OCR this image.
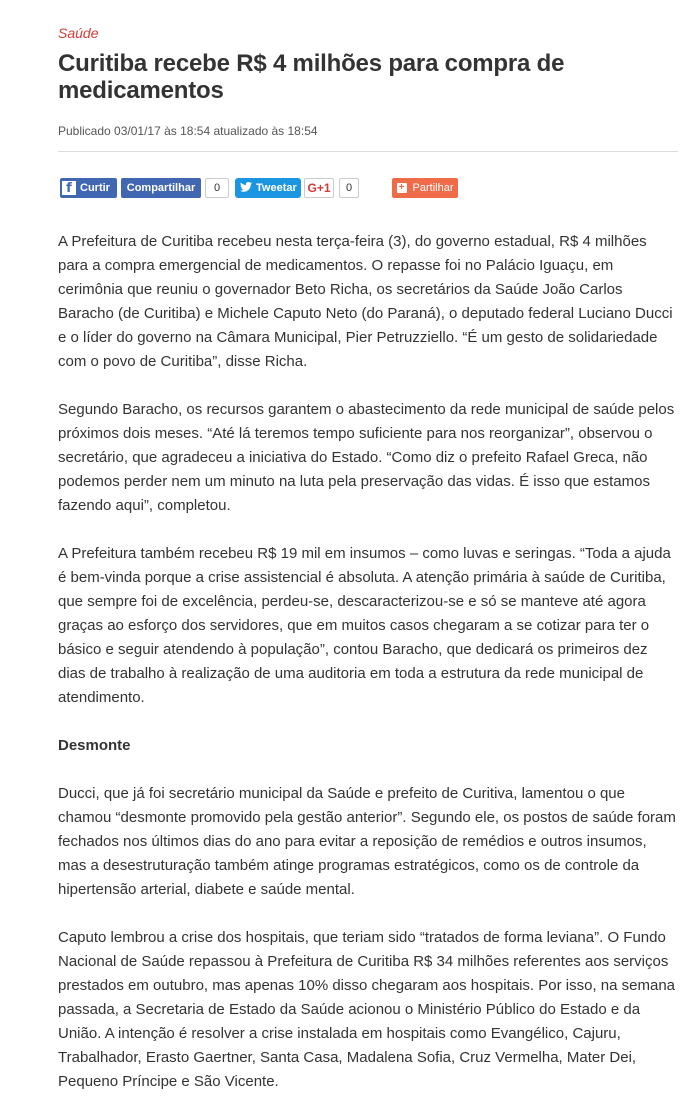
Saúde
Curitiba recebe R$ 4 milhões para compra de medicamentos
Publicado 03/01/17 às 18:54 atualizado às 18:54
f Curtir	Compartilhar	0	Tweetar G+1	0	+ Partilhar

A Prefeitura de Curitiba recebeu nesta terça-feira (3), do governo estadual, R$ 4 milhões para a compra emergencial de medicamentos. O repasse foi no Palácio Iguaçu, em cerimônia que reuniu o governador Beto Richa, os secretários da Saúde João Carlos Baracho (de Curitiba) e Michele Caputo Neto (do Paraná), o deputado federal Luciano Ducci e o líder do governo na Câmara Municipal, Pier Petruzziello. “É um gesto de solidariedade com o povo de Curitiba”, disse Richa.

Segundo Baracho, os recursos garantem o abastecimento da rede municipal de saúde pelos próximos dois meses. “Até lá teremos tempo suficiente para nos reorganizar”, observou o secretário, que agradeceu a iniciativa do Estado. “Como diz o prefeito Rafael Greca, não podemos perder nem um minuto na luta pela preservação das vidas. É isso que estamos fazendo aqui”, completou.

A Prefeitura também recebeu R$ 19 mil em insumos – como luvas e seringas. “Toda a ajuda é bem-vinda porque a crise assistencial é absoluta. A atenção primária à saúde de Curitiba, que sempre foi de excelência, perdeu-se, descaracterizou-se e só se manteve até agora graças ao esforço dos servidores, que em muitos casos chegaram a se cotizar para ter o básico e seguir atendendo à população”, contou Baracho, que dedicará os primeiros dez dias de trabalho à realização de uma auditoria em toda a estrutura da rede municipal de atendimento.

Desmonte

Ducci, que já foi secretário municipal da Saúde e prefeito de Curitiva, lamentou o que chamou “desmonte promovido pela gestão anterior”. Segundo ele, os postos de saúde foram fechados nos últimos dias do ano para evitar a reposição de remédios e outros insumos, mas a desestruturação também atinge programas estratégicos, como os de controle da hipertensão arterial, diabete e saúde mental.

Caputo lembrou a crise dos hospitais, que teriam sido “tratados de forma leviana”. O Fundo Nacional de Saúde repassou à Prefeitura de Curitiba R$ 34 milhões referentes aos serviços prestados em outubro, mas apenas 10% disso chegaram aos hospitais. Por isso, na semana passada, a Secretaria de Estado da Saúde acionou o Ministério Público do Estado e da União. A intenção é resolver a crise instalada em hospitais como Evangélico, Cajuru, Trabalhador, Erasto Gaertner, Santa Casa, Madalena Sofia, Cruz Vermelha, Mater Dei, Pequeno Príncipe e São Vicente.
